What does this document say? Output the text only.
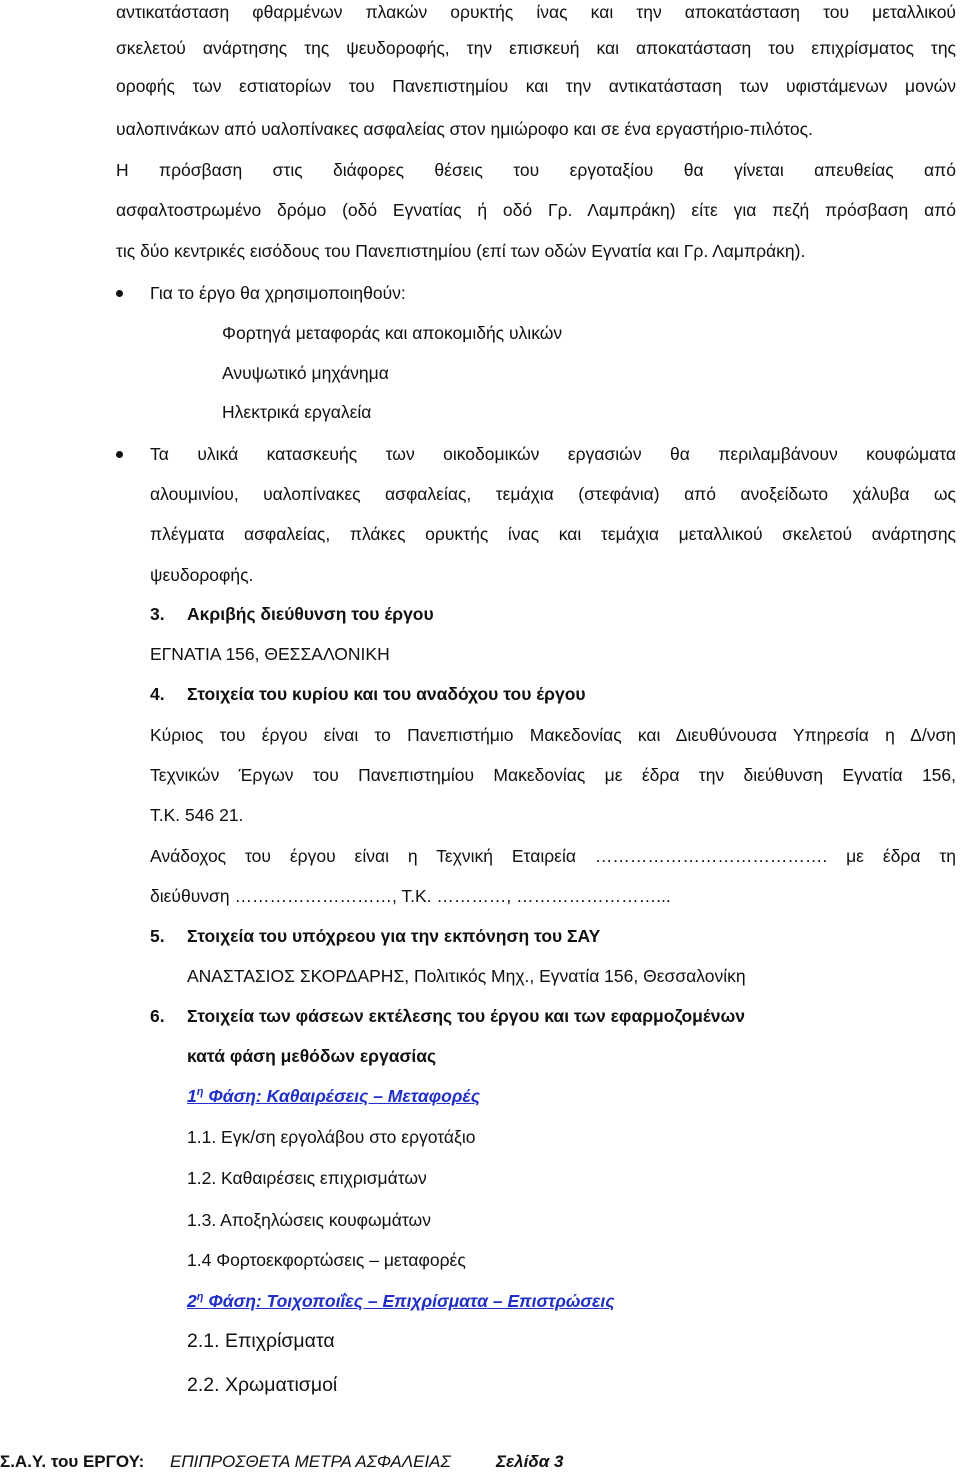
αντικατάσταση φθαρμένων πλακών ορυκτής ίνας και την αποκατάσταση του μεταλλικού
σκελετού ανάρτησης της ψευδοροφής, την επισκευή και αποκατάσταση του επιχρίσματος της
οροφής των εστιατορίων του Πανεπιστημίου και την αντικατάσταση των υφιστάμενων μονών
υαλοπινάκων από υαλοπίνακες ασφαλείας στον ημιώροφο και σε ένα εργαστήριο-πιλότος.
Η πρόσβαση στις διάφορες θέσεις του εργοταξίου θα γίνεται απευθείας από
ασφαλτοστρωμένο δρόμο (οδό Εγνατίας ή οδό Γρ. Λαμπράκη) είτε για πεζή πρόσβαση από
τις δύο κεντρικές εισόδους του Πανεπιστημίου (επί των οδών Εγνατία και Γρ. Λαμπράκη).
Για το έργο θα χρησιμοποιηθούν:
Φορτηγά μεταφοράς και αποκομιδής υλικών
Ανυψωτικό μηχάνημα
Ηλεκτρικά εργαλεία
Τα υλικά κατασκευής των οικοδομικών εργασιών θα περιλαμβάνουν κουφώματα
αλουμινίου, υαλοπίνακες ασφαλείας, τεμάχια (στεφάνια) από ανοξείδωτο χάλυβα ως
πλέγματα ασφαλείας, πλάκες ορυκτής ίνας και τεμάχια μεταλλικού σκελετού ανάρτησης
ψευδοροφής.
3. Ακριβής διεύθυνση του έργου
ΕΓΝΑΤΙΑ 156, ΘΕΣΣΑΛΟΝΙΚΗ
4. Στοιχεία του κυρίου και του αναδόχου του έργου
Κύριος του έργου είναι το Πανεπιστήμιο Μακεδονίας και Διευθύνουσα Υπηρεσία η Δ/νση
Τεχνικών Έργων του Πανεπιστημίου Μακεδονίας με έδρα την διεύθυνση Εγνατία 156,
Τ.Κ. 546 21.
Ανάδοχος του έργου είναι η Τεχνική Εταιρεία …………………………………. με έδρα τη
διεύθυνση ………………………, Τ.Κ. …………, ……………………...
5. Στοιχεία του υπόχρεου για την εκπόνηση του ΣΑΥ
ΑΝΑΣΤΑΣΙΟΣ ΣΚΟΡΔΑΡΗΣ, Πολιτικός Μηχ., Εγνατία 156, Θεσσαλονίκη
6. Στοιχεία των φάσεων εκτέλεσης του έργου και των εφαρμοζομένων
κατά φάση μεθόδων εργασίας
$1^\eta$ Φάση: Καθαιρέσεις – Μεταφορές
1.1. Εγκ/ση εργολάβου στο εργοτάξιο
1.2. Καθαιρέσεις επιχρισμάτων
1.3. Αποξηλώσεις κουφωμάτων
1.4 Φορτοεκφορτώσεις – μεταφορές
$2^\eta$ Φάση: Τοιχοποιΐες – Επιχρίσματα – Επιστρώσεις
2.1. Επιχρίσματα
2.2. Χρωματισμοί
Σ.Α.Υ. του ΕΡΓΟΥ: ΕΠΙΠΡΟΣΘΕΤΑ ΜΕΤΡΑ ΑΣΦΑΛΕΙΑΣ	Σελίδα 3
